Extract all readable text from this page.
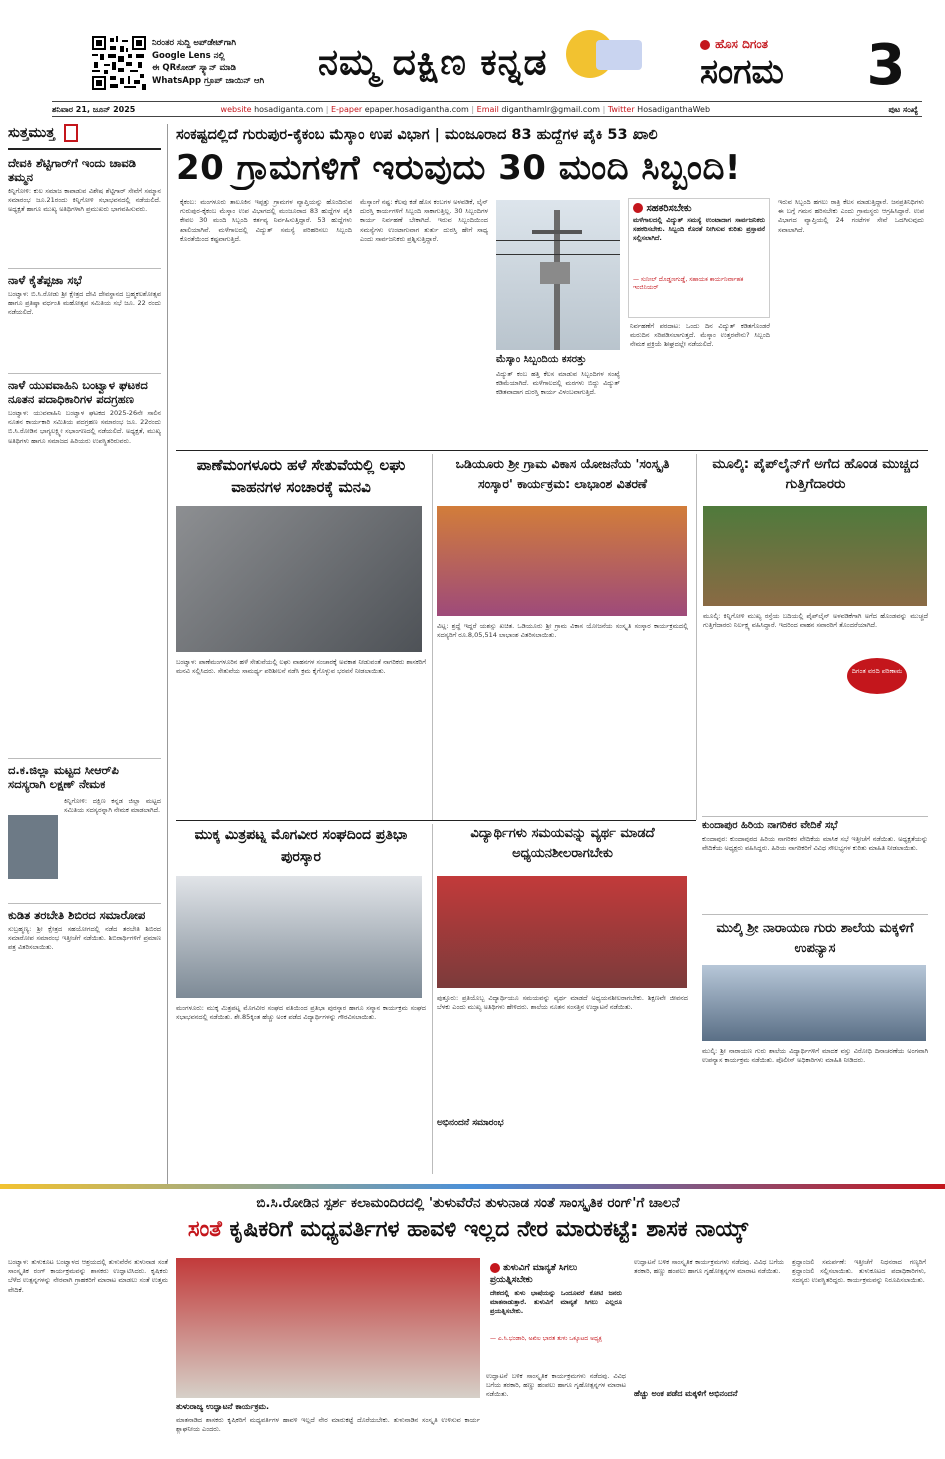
ನಿರಂತರ ಸುದ್ದಿ ಅಪ್‌ಡೇಟ್‌ಗಾಗಿ
Google Lens ನಲ್ಲಿ
ಈ QRಕೋಡ್ ಸ್ಕ್ಯಾನ್ ಮಾಡಿ
WhatsApp ಗ್ರೂಪ್ ಜಾಯಿನ್ ಆಗಿ	ನಮ್ಮ ದಕ್ಷಿಣ ಕನ್ನಡ	ಹೊಸ ದಿಗಂತ
ಸಂಗಮ	3
ಶನಿವಾರ 21, ಜೂನ್ 2025	website hosadiganta.com | E-paper epaper.hosadigantha.com | Email diganthamlr@gmail.com | Twitter HosadiganthaWeb	ಪುಟ ಸಂಖ್ಯೆ
ಸುತ್ತಮುತ್ತ
ದೇವಕಿ ಶೆಟ್ಟಿಗಾರ್‌ಗೆ ಇಂದು ಚಾವಡಿ ತಮ್ಮನ
ಕಿನ್ನಿಗೋಳಿ: ಕುಲ ಸಮಾಜ ಕಾಪಾಡುವ ವಿಶೇಷ ಶೆಟ್ಟಿಗಾರ್ ಸೇವೆಗೆ ಸಮ್ಮಾನ ಸಮಾರಂಭ ಜೂ.21ರಂದು ಕಿನ್ನಿಗೋಳಿ ಸಭಾಭವನದಲ್ಲಿ ನಡೆಯಲಿದೆ. ಅಧ್ಯಕ್ಷತೆ ಹಾಗೂ ಮುಖ್ಯ ಅತಿಥಿಗಳಾಗಿ ಪ್ರಮುಖರು ಭಾಗವಹಿಸುವರು.
ನಾಳೆ ಕೈತೆಪ್ಪಜಾ ಸಭೆ
ಬಂಟ್ವಾಳ: ಬಿ.ಸಿ.ರೋಡು ಶ್ರೀ ಕ್ಷೇತ್ರದ ದೇವಿ ದೇವಸ್ಥಾನದ ಬ್ರಹ್ಮಕಲಶೋತ್ಸವ ಹಾಗೂ ಪ್ರತಿಷ್ಠಾ ವರ್ಧಂತಿ ಮಹೋತ್ಸವ ಸಮಿತಿಯ ಸಭೆ ಜೂ. 22 ರಂದು ನಡೆಯಲಿದೆ.
ನಾಳೆ ಯುವವಾಹಿನಿ ಬಂಟ್ವಾಳ ಘಟಕದ ನೂತನ ಪದಾಧಿಕಾರಿಗಳ ಪದಗ್ರಹಣ
ಬಂಟ್ವಾಳ: ಯುವವಾಹಿನಿ ಬಂಟ್ವಾಳ ಘಟಕದ 2025-26ನೇ ಸಾಲಿನ ನೂತನ ಕಾರ್ಯಕಾರಿ ಸಮಿತಿಯ ಪದಗ್ರಹಣ ಸಮಾರಂಭ ಜೂ. 22ರಂದು ಬಿ.ಸಿ.ರೋಡಿನ ಭಾಗ್ಯಲಕ್ಷ್ಮೀ ಸಭಾಂಗಣದಲ್ಲಿ ನಡೆಯಲಿದೆ. ಅಧ್ಯಕ್ಷತೆ, ಮುಖ್ಯ ಅತಿಥಿಗಳು ಹಾಗೂ ಸಮಾಜದ ಹಿರಿಯರು ಉಪಸ್ಥಿತರಿರುವರು.
ದ.ಕ.ಜಿಲ್ಲಾ ಮಟ್ಟದ ಸೀಆರ್‌ಪಿ ಸದಸ್ಯರಾಗಿ ಲಕ್ಷಣ್ ನೇಮಕ
ಕಿನ್ನಿಗೋಳಿ: ದಕ್ಷಿಣ ಕನ್ನಡ ಜಿಲ್ಲಾ ಮಟ್ಟದ ಸಮಿತಿಯ ಸದಸ್ಯರನ್ನಾಗಿ ನೇಮಕ ಮಾಡಲಾಗಿದೆ.
ಕುಡಿತ ತರಬೇತಿ ಶಿಬಿರದ ಸಮಾರೋಪ
ಸುಬ್ರಹ್ಮಣ್ಯ: ಶ್ರೀ ಕ್ಷೇತ್ರದ ಸಹಯೋಗದಲ್ಲಿ ನಡೆದ ತರಬೇತಿ ಶಿಬಿರದ ಸಮಾರೋಪ ಸಮಾರಂಭ ಇತ್ತೀಚೆಗೆ ನಡೆಯಿತು. ಶಿಬಿರಾರ್ಥಿಗಳಿಗೆ ಪ್ರಮಾಣ ಪತ್ರ ವಿತರಿಸಲಾಯಿತು.
ಸಂಕಷ್ಟದಲ್ಲಿದೆ ಗುರುಪುರ-ಕೈಕಂಬ ಮೆಸ್ಕಾಂ ಉಪ ವಿಭಾಗ | ಮಂಜೂರಾದ 83 ಹುದ್ದೆಗಳ ಪೈಕಿ 53 ಖಾಲಿ
20 ಗ್ರಾಮಗಳಿಗೆ ಇರುವುದು 30 ಮಂದಿ ಸಿಬ್ಬಂದಿ!
ಕೈಕಂಬ: ಮಂಗಳೂರು ತಾಲೂಕಿನ ಇಪ್ಪತ್ತು ಗ್ರಾಮಗಳ ವ್ಯಾಪ್ತಿಯನ್ನು ಹೊಂದಿರುವ ಗುರುಪುರ-ಕೈಕಂಬ ಮೆಸ್ಕಾಂ ಉಪ ವಿಭಾಗದಲ್ಲಿ ಮಂಜೂರಾದ 83 ಹುದ್ದೆಗಳ ಪೈಕಿ ಕೇವಲ 30 ಮಂದಿ ಸಿಬ್ಬಂದಿ ಕರ್ತವ್ಯ ನಿರ್ವಹಿಸುತ್ತಿದ್ದಾರೆ. 53 ಹುದ್ದೆಗಳು ಖಾಲಿಯಾಗಿವೆ. ಮಳೆಗಾಲದಲ್ಲಿ ವಿದ್ಯುತ್ ಸಮಸ್ಯೆ ಪರಿಹರಿಸಲು ಸಿಬ್ಬಂದಿ ಕೊರತೆಯಿಂದ ಕಷ್ಟವಾಗುತ್ತಿದೆ.
ಮೆಸ್ಕಾಂಗೆ ನಷ್ಟ: ಕೆಲವು ಕಡೆ ಹೊಸ ಕಂಬಗಳ ಅಳವಡಿಕೆ, ಲೈನ್ ದುರಸ್ತಿ ಕಾರ್ಯಗಳಿಗೆ ಸಿಬ್ಬಂದಿ ಸಾಕಾಗುತ್ತಿಲ್ಲ. 30 ಸಿಬ್ಬಂದಿಗಳ ಕಾರ್ಯ ನಿರ್ವಹಣೆ ಬೇಕಾಗಿದೆ. ಇರುವ ಸಿಬ್ಬಂದಿಯಿಂದ ಸಮಸ್ಯೆಗಳು ಉಂಟಾಗುವಾಗ ತುರ್ತು ದುರಸ್ತಿ ಹೇಗೆ ಸಾಧ್ಯ ಎಂದು ಸಾರ್ವಜನಿಕರು ಪ್ರಶ್ನಿಸುತ್ತಿದ್ದಾರೆ.
ಮೆಸ್ಕಾಂ ಸಿಬ್ಬಂದಿಯ ಕಸರತ್ತು
ವಿದ್ಯುತ್ ಕಂಬ ಹತ್ತಿ ಕೆಲಸ ಮಾಡುವ ಸಿಬ್ಬಂದಿಗಳ ಸಂಖ್ಯೆ ಕಡಿಮೆಯಾಗಿದೆ. ಮಳೆಗಾಲದಲ್ಲಿ ಮರಗಳು ಬಿದ್ದು ವಿದ್ಯುತ್ ಕಡಿತವಾದಾಗ ದುರಸ್ತಿ ಕಾರ್ಯ ವಿಳಂಬವಾಗುತ್ತಿದೆ.
ಸಹಕರಿಸಬೇಕು
ಮಳೆಗಾಲದಲ್ಲಿ ವಿದ್ಯುತ್ ಸಮಸ್ಯೆ ಉಂಟಾದಾಗ ಸಾರ್ವಜನಿಕರು ಸಹಕರಿಸಬೇಕು. ಸಿಬ್ಬಂದಿ ಕೊರತೆ ನೀಗಿಸುವ ಕುರಿತು ಪ್ರಸ್ತಾವನೆ ಸಲ್ಲಿಸಲಾಗಿದೆ.
— ಸುನೀಲ್ ದೊಡ್ಡಣಗುಡ್ಡೆ, ಸಹಾಯಕ ಕಾರ್ಯನಿರ್ವಾಹಕ ಇಂಜಿನಿಯರ್
ನಿರ್ವಹಣೆಗೆ ಪರದಾಟ: ಒಂದು ದಿನ ವಿದ್ಯುತ್ ಕಡಿತಗೊಂಡರೆ ಮರುದಿನ ಸರಿಪಡಿಸಲಾಗುತ್ತದೆ. ಮೆಸ್ಕಾಂ ಉತ್ತರವೇನು? ಸಿಬ್ಬಂದಿ ನೇಮಕ ಪ್ರಕ್ರಿಯೆ ಶೀಘ್ರದಲ್ಲೇ ನಡೆಯಲಿದೆ.
ಇರುವ ಸಿಬ್ಬಂದಿ ಹಗಲು ರಾತ್ರಿ ಕೆಲಸ ಮಾಡುತ್ತಿದ್ದಾರೆ. ಜನಪ್ರತಿನಿಧಿಗಳು ಈ ಬಗ್ಗೆ ಗಮನ ಹರಿಸಬೇಕು ಎಂದು ಗ್ರಾಮಸ್ಥರು ಆಗ್ರಹಿಸಿದ್ದಾರೆ. ಉಪ ವಿಭಾಗದ ವ್ಯಾಪ್ತಿಯಲ್ಲಿ 24 ಗಂಟೆಗಳ ಸೇವೆ ಒದಗಿಸುವುದು ಸವಾಲಾಗಿದೆ.
ಪಾಣೆಮಂಗಳೂರು ಹಳೆ ಸೇತುವೆಯಲ್ಲಿ ಲಘು ವಾಹನಗಳ ಸಂಚಾರಕ್ಕೆ ಮನವಿ
ಬಂಟ್ವಾಳ: ಪಾಣೆಮಂಗಳೂರಿನ ಹಳೆ ಸೇತುವೆಯಲ್ಲಿ ಲಘು ವಾಹನಗಳ ಸಂಚಾರಕ್ಕೆ ಅವಕಾಶ ನೀಡುವಂತೆ ನಾಗರಿಕರು ಶಾಸಕರಿಗೆ ಮನವಿ ಸಲ್ಲಿಸಿದರು. ಸೇತುವೆಯ ಸಾಮರ್ಥ್ಯ ಪರಿಶೀಲನೆ ನಡೆಸಿ ಕ್ರಮ ಕೈಗೊಳ್ಳುವ ಭರವಸೆ ನೀಡಲಾಯಿತು.
ಒಡಿಯೂರು ಶ್ರೀ ಗ್ರಾಮ ವಿಕಾಸ ಯೋಜನೆಯ 'ಸಂಸ್ಕೃತಿ ಸಂಸ್ಕಾರ' ಕಾರ್ಯಕ್ರಮ: ಲಾಭಾಂಶ ವಿತರಣೆ
ವಿಟ್ಲ: ಶ್ರದ್ಧೆ ಇದ್ದರೆ ಯಶಸ್ಸು ಖಚಿತ. ಒಡಿಯೂರು ಶ್ರೀ ಗ್ರಾಮ ವಿಕಾಸ ಯೋಜನೆಯ ಸಂಸ್ಕೃತಿ ಸಂಸ್ಕಾರ ಕಾರ್ಯಕ್ರಮದಲ್ಲಿ ಸದಸ್ಯರಿಗೆ ರೂ.8,05,514 ಲಾಭಾಂಶ ವಿತರಿಸಲಾಯಿತು.
ಮೂಲ್ಕಿ: ಪೈಪ್‌ಲೈನ್‌ಗೆ ಅಗೆದ ಹೊಂಡ ಮುಚ್ಚದ ಗುತ್ತಿಗೆದಾರರು
ಮೂಲ್ಕಿ: ಕಿನ್ನಿಗೋಳಿ ಮುಖ್ಯ ರಸ್ತೆಯ ಬದಿಯಲ್ಲಿ ಪೈಪ್‌ಲೈನ್ ಅಳವಡಿಕೆಗಾಗಿ ಅಗೆದ ಹೊಂಡವನ್ನು ಮುಚ್ಚದೆ ಗುತ್ತಿಗೆದಾರರು ನಿರ್ಲಕ್ಷ್ಯ ವಹಿಸಿದ್ದಾರೆ. ಇದರಿಂದ ವಾಹನ ಸವಾರರಿಗೆ ತೊಂದರೆಯಾಗಿದೆ.
ದಿಗಂತ ವರದಿ ಪರಿಣಾಮ
ಕುಂದಾಪುರ ಹಿರಿಯ ನಾಗರಿಕರ ವೇದಿಕೆ ಸಭೆ
ಕುಂದಾಪುರ: ಕುಂದಾಪುರದ ಹಿರಿಯ ನಾಗರಿಕರ ವೇದಿಕೆಯ ಮಾಸಿಕ ಸಭೆ ಇತ್ತೀಚೆಗೆ ನಡೆಯಿತು. ಅಧ್ಯಕ್ಷತೆಯನ್ನು ವೇದಿಕೆಯ ಅಧ್ಯಕ್ಷರು ವಹಿಸಿದ್ದರು. ಹಿರಿಯ ನಾಗರಿಕರಿಗೆ ವಿವಿಧ ಸೌಲಭ್ಯಗಳ ಕುರಿತು ಮಾಹಿತಿ ನೀಡಲಾಯಿತು.
ಮುಕ್ಕ ಮಿತ್ರಪಟ್ನ ಮೊಗವೀರ ಸಂಘದಿಂದ ಪ್ರತಿಭಾ ಪುರಸ್ಕಾರ
ಮಂಗಳೂರು: ಮುಕ್ಕ ಮಿತ್ರಪಟ್ನ ಮೊಗವೀರ ಸಂಘದ ವತಿಯಿಂದ ಪ್ರತಿಭಾ ಪುರಸ್ಕಾರ ಹಾಗೂ ಸನ್ಮಾನ ಕಾರ್ಯಕ್ರಮ ಸಂಘದ ಸಭಾಭವನದಲ್ಲಿ ನಡೆಯಿತು. ಶೇ.85ಕ್ಕಿಂತ ಹೆಚ್ಚು ಅಂಕ ಪಡೆದ ವಿದ್ಯಾರ್ಥಿಗಳನ್ನು ಗೌರವಿಸಲಾಯಿತು.
ವಿದ್ಯಾರ್ಥಿಗಳು ಸಮಯವನ್ನು ವ್ಯರ್ಥ ಮಾಡದೆ ಅಧ್ಯಯನಶೀಲರಾಗಬೇಕು
ಪುತ್ತೂರು: ಪ್ರತಿಯೊಬ್ಬ ವಿದ್ಯಾರ್ಥಿಯೂ ಸಮಯವನ್ನು ವ್ಯರ್ಥ ಮಾಡದೆ ಅಧ್ಯಯನಶೀಲರಾಗಬೇಕು. ಶಿಕ್ಷಣವೇ ಜೀವನದ ಬೆಳಕು ಎಂದು ಮುಖ್ಯ ಅತಿಥಿಗಳು ಹೇಳಿದರು. ಶಾಲೆಯ ನೂತನ ಸಂಸತ್ತಿನ ಉದ್ಘಾಟನೆ ನಡೆಯಿತು.
ಅಭಿನಂದನೆ ಸಮಾರಂಭ
ಮುಲ್ಕಿ ಶ್ರೀ ನಾರಾಯಣ ಗುರು ಶಾಲೆಯ ಮಕ್ಕಳಿಗೆ ಉಪನ್ಯಾಸ
ಮುಲ್ಕಿ: ಶ್ರೀ ನಾರಾಯಣ ಗುರು ಶಾಲೆಯ ವಿದ್ಯಾರ್ಥಿಗಳಿಗೆ ಮಾದಕ ವಸ್ತು ವಿರೋಧಿ ದಿನಾಚರಣೆಯ ಅಂಗವಾಗಿ ಉಪನ್ಯಾಸ ಕಾರ್ಯಕ್ರಮ ನಡೆಯಿತು. ಪೊಲೀಸ್ ಅಧಿಕಾರಿಗಳು ಮಾಹಿತಿ ನೀಡಿದರು.
ಬಿ.ಸಿ.ರೋಡಿನ ಸ್ಪರ್ಶ ಕಲಾಮಂದಿರದಲ್ಲಿ 'ತುಳುವೆರೆನ ತುಳುನಾಡ ಸಂತೆ ಸಾಂಸ್ಕೃತಿಕ ರಂಗ್'ಗೆ ಚಾಲನೆ
ಸಂತೆ ಕೃಷಿಕರಿಗೆ ಮಧ್ಯವರ್ತಿಗಳ ಹಾವಳಿ ಇಲ್ಲದ ನೇರ ಮಾರುಕಟ್ಟೆ: ಶಾಸಕ ನಾಯ್ಕ್
ಬಂಟ್ವಾಳ: ತುಳುಕೂಟ ಬಂಟ್ವಾಳದ ಆಶ್ರಯದಲ್ಲಿ ತುಳುವೆರೆನ ತುಳುನಾಡ ಸಂತೆ ಸಾಂಸ್ಕೃತಿಕ ರಂಗ್ ಕಾರ್ಯಕ್ರಮವನ್ನು ಶಾಸಕರು ಉದ್ಘಾಟಿಸಿದರು. ಕೃಷಿಕರು ಬೆಳೆದ ಉತ್ಪನ್ನಗಳನ್ನು ನೇರವಾಗಿ ಗ್ರಾಹಕರಿಗೆ ಮಾರಾಟ ಮಾಡಲು ಸಂತೆ ಉತ್ತಮ ವೇದಿಕೆ.
ತುಳುರಾಜ್ಯ ಉದ್ಘಾಟನೆ ಕಾರ್ಯಕ್ರಮ.
ಮಾತನಾಡಿದ ಶಾಸಕರು ಕೃಷಿಕರಿಗೆ ಮಧ್ಯವರ್ತಿಗಳ ಹಾವಳಿ ಇಲ್ಲದೆ ನೇರ ಮಾರುಕಟ್ಟೆ ದೊರೆಯಬೇಕು. ತುಳುನಾಡಿನ ಸಂಸ್ಕೃತಿ ಉಳಿಸುವ ಕಾರ್ಯ ಶ್ಲಾಘನೀಯ ಎಂದರು.
ತುಳುವಿಗೆ ಮಾನ್ಯತೆ ಸಿಗಲು ಪ್ರಯತ್ನಿಸಬೇಕು
ದೇಶದಲ್ಲಿ ತುಳು ಭಾಷೆಯನ್ನು ಒಂದೂವರೆ ಕೋಟಿ ಜನರು ಮಾತನಾಡುತ್ತಾರೆ. ತುಳುವಿಗೆ ಮಾನ್ಯತೆ ಸಿಗಲು ಎಲ್ಲರೂ ಪ್ರಯತ್ನಿಸಬೇಕು.
— ಎ.ಸಿ.ಭಂಡಾರಿ, ಅಖಿಲ ಭಾರತ ತುಳು ಒಕ್ಕೂಟದ ಅಧ್ಯಕ್ಷ
ಉದ್ಘಾಟನೆ ಬಳಿಕ ಸಾಂಸ್ಕೃತಿಕ ಕಾರ್ಯಕ್ರಮಗಳು ನಡೆದವು. ವಿವಿಧ ಬಗೆಯ ತರಕಾರಿ, ಹಣ್ಣು ಹಂಪಲು ಹಾಗೂ ಗೃಹೋತ್ಪನ್ನಗಳ ಮಾರಾಟ ನಡೆಯಿತು.
ಉದ್ಘಾಟನೆ ಬಳಿಕ ಸಾಂಸ್ಕೃತಿಕ ಕಾರ್ಯಕ್ರಮಗಳು ನಡೆದವು. ವಿವಿಧ ಬಗೆಯ ತರಕಾರಿ, ಹಣ್ಣು ಹಂಪಲು ಹಾಗೂ ಗೃಹೋತ್ಪನ್ನಗಳ ಮಾರಾಟ ನಡೆಯಿತು.
ಹೆಚ್ಚು ಅಂಕ ಪಡೆದ ಮಕ್ಕಳಿಗೆ ಅಭಿನಂದನೆ
ಶ್ರದ್ಧಾಂಜಲಿ ಸಮರ್ಪಣೆ: ಇತ್ತೀಚೆಗೆ ನಿಧನರಾದ ಗಣ್ಯರಿಗೆ ಶ್ರದ್ಧಾಂಜಲಿ ಸಲ್ಲಿಸಲಾಯಿತು. ತುಳುಕೂಟದ ಪದಾಧಿಕಾರಿಗಳು, ಸದಸ್ಯರು ಉಪಸ್ಥಿತರಿದ್ದರು. ಕಾರ್ಯಕ್ರಮವನ್ನು ನಿರೂಪಿಸಲಾಯಿತು.
